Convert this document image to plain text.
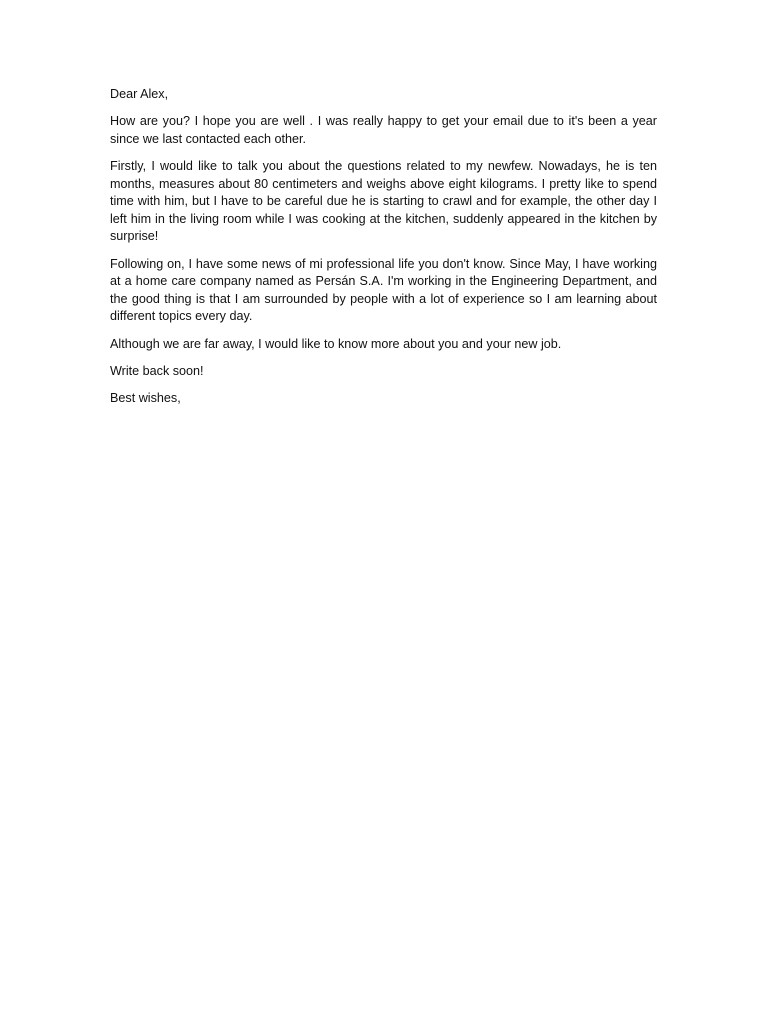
Dear Alex,

How are you? I hope you are well . I was really happy to get your email due to it's been a year since we last contacted each other.

Firstly, I would like to talk you about the questions related to my newfew. Nowadays, he is ten months, measures about 80 centimeters and weighs above eight kilograms. I pretty like to spend time with him, but I have to be careful due he is starting to crawl and for example, the other day I left him in the living room while I was cooking at the kitchen, suddenly appeared in the kitchen by surprise!

Following on, I have some news of mi professional life you don't know. Since May, I have working at a home care company named as Persán S.A. I'm working in the Engineering Department, and the good thing is that I am surrounded by people with a lot of experience so I am learning about different topics every day.

Although we are far away, I would like to know more about you and your new job.

Write back soon!

Best wishes,
